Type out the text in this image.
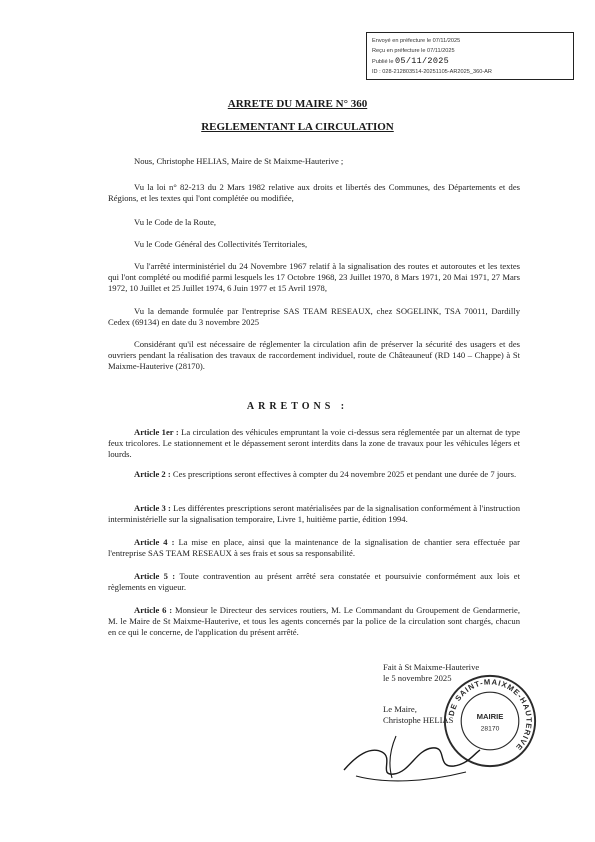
Envoyé en préfecture le 07/11/2025
Reçu en préfecture le 07/11/2025
Publié le 05/11/2025
ID : 028-212803514-20251105-AR2025_360-AR
ARRETE DU MAIRE N° 360
REGLEMENTANT LA CIRCULATION
Nous, Christophe HELIAS, Maire de St Maixme-Hauterive ;
Vu la loi n° 82-213 du 2 Mars 1982 relative aux droits et libertés des Communes, des Départements et des Régions, et les textes qui l'ont complétée ou modifiée,
Vu le Code de la Route,
Vu le Code Général des Collectivités Territoriales,
Vu l'arrêté interministériel du 24 Novembre 1967 relatif à la signalisation des routes et autoroutes et les textes qui l'ont complété ou modifié parmi lesquels les 17 Octobre 1968, 23 Juillet 1970, 8 Mars 1971, 20 Mai 1971, 27 Mars 1972, 10 Juillet et 25 Juillet 1974, 6 Juin 1977 et 15 Avril 1978,
Vu la demande formulée par l'entreprise SAS TEAM RESEAUX, chez SOGELINK, TSA 70011, Dardilly Cedex (69134) en date du 3 novembre 2025
Considérant qu'il est nécessaire de réglementer la circulation afin de préserver la sécurité des usagers et des ouvriers pendant la réalisation des travaux de raccordement individuel, route de Châteauneuf (RD 140 – Chappe) à St Maixme-Hauterive (28170).
ARRETONS :
Article 1er : La circulation des véhicules empruntant la voie ci-dessus sera réglementée par un alternat de type feux tricolores. Le stationnement et le dépassement seront interdits dans la zone de travaux pour les véhicules légers et lourds.
Article 2 : Ces prescriptions seront effectives à compter du 24 novembre 2025 et pendant une durée de 7 jours.
Article 3 : Les différentes prescriptions seront matérialisées par de la signalisation conformément à l'instruction interministérielle sur la signalisation temporaire, Livre 1, huitième partie, édition 1994.
Article 4 : La mise en place, ainsi que la maintenance de la signalisation de chantier sera effectuée par l'entreprise SAS TEAM RESEAUX à ses frais et sous sa responsabilité.
Article 5 : Toute contravention au présent arrêté sera constatée et poursuivie conformément aux lois et règlements en vigueur.
Article 6 : Monsieur le Directeur des services routiers, M. Le Commandant du Groupement de Gendarmerie, M. le Maire de St Maixme-Hauterive, et tous les agents concernés par la police de la circulation sont chargés, chacun en ce qui le concerne, de l'application du présent arrêté.
Fait à St Maixme-Hauterive
le 5 novembre 2025
Le Maire,
Christophe HELIAS
DE SAINT-MAIXME-HAUTERIVE
MAIRIE
28170
